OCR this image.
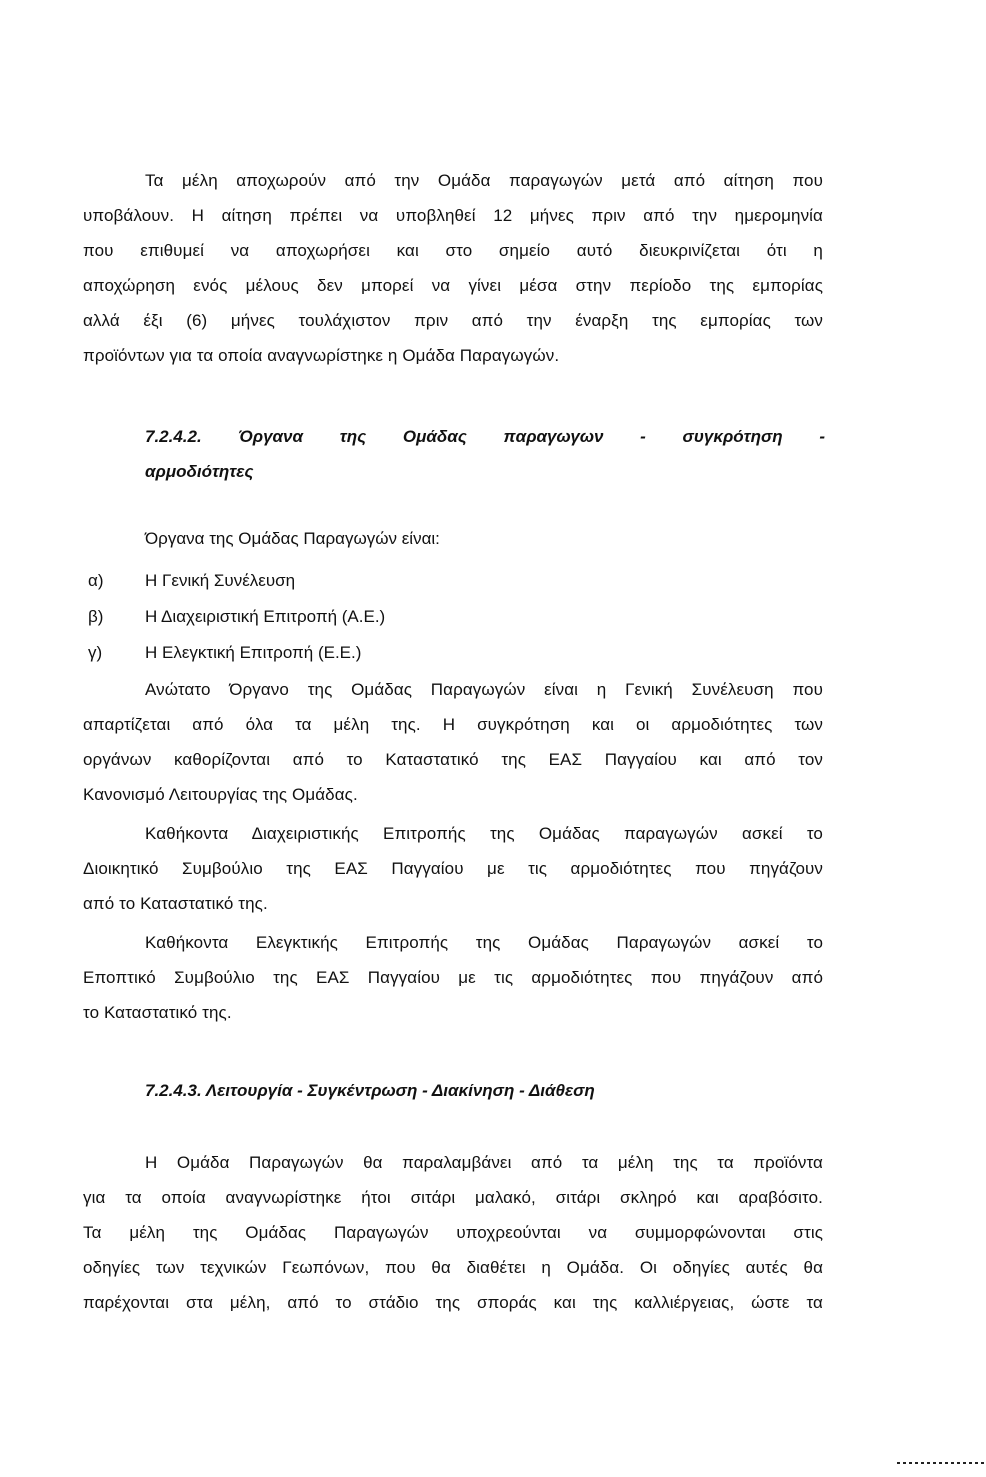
Τα μέλη αποχωρούν από την Ομάδα παραγωγών μετά από αίτηση που
υποβάλουν. Η αίτηση πρέπει να υποβληθεί 12 μήνες πριν από την ημερομηνία
που επιθυμεί να αποχωρήσει και στο σημείο αυτό διευκρινίζεται ότι η
αποχώρηση ενός μέλους δεν μπορεί να γίνει μέσα στην περίοδο της εμπορίας
αλλά έξι (6) μήνες τουλάχιστον πριν από την έναρξη της εμπορίας των
προϊόντων για τα οποία αναγνωρίστηκε η Ομάδα Παραγωγών.
7.2.4.2. Όργανα της Ομάδας παραγωγων - συγκρότηση -
αρμοδιότητες
Όργανα της Ομάδας Παραγωγών είναι:
α) Η Γενική Συνέλευση
β) Η Διαχειριστική Επιτροπή (Α.Ε.)
γ)	Η Ελεγκτική Επιτροπή (Ε.Ε.)
Ανώτατο Όργανο της Ομάδας Παραγωγών είναι η Γενική Συνέλευση που
απαρτίζεται από όλα τα μέλη της. Η συγκρότηση και οι αρμοδιότητες των
οργάνων καθορίζονται από το Καταστατικό της ΕΑΣ Παγγαίου και από τον
Κανονισμό Λειτουργίας της Ομάδας.
Καθήκοντα Διαχειριστικής Επιτροπής της Ομάδας παραγωγών ασκεί το
Διοικητικό Συμβούλιο της ΕΑΣ Παγγαίου με τις αρμοδιότητες που πηγάζουν
από το Καταστατικό της.
Καθήκοντα Ελεγκτικής Επιτροπής της Ομάδας Παραγωγών ασκεί το
Εποπτικό Συμβούλιο της ΕΑΣ Παγγαίου με τις αρμοδιότητες που πηγάζουν από
το Καταστατικό της.
7.2.4.3. Λειτουργία - Συγκέντρωση - Διακίνηση - Διάθεση
Η Ομάδα Παραγωγών θα παραλαμβάνει από τα μέλη της τα προϊόντα
για τα οποία αναγνωρίστηκε ήτοι σιτάρι μαλακό, σιτάρι σκληρό και αραβόσιτο.
Τα μέλη της Ομάδας Παραγωγών υποχρεούνται να συμμορφώνονται στις
οδηγίες των τεχνικών Γεωπόνων, που θα διαθέτει η Ομάδα. Οι οδηγίες αυτές θα
παρέχονται στα μέλη, από το στάδιο της σποράς και της καλλιέργειας, ώστε τα
